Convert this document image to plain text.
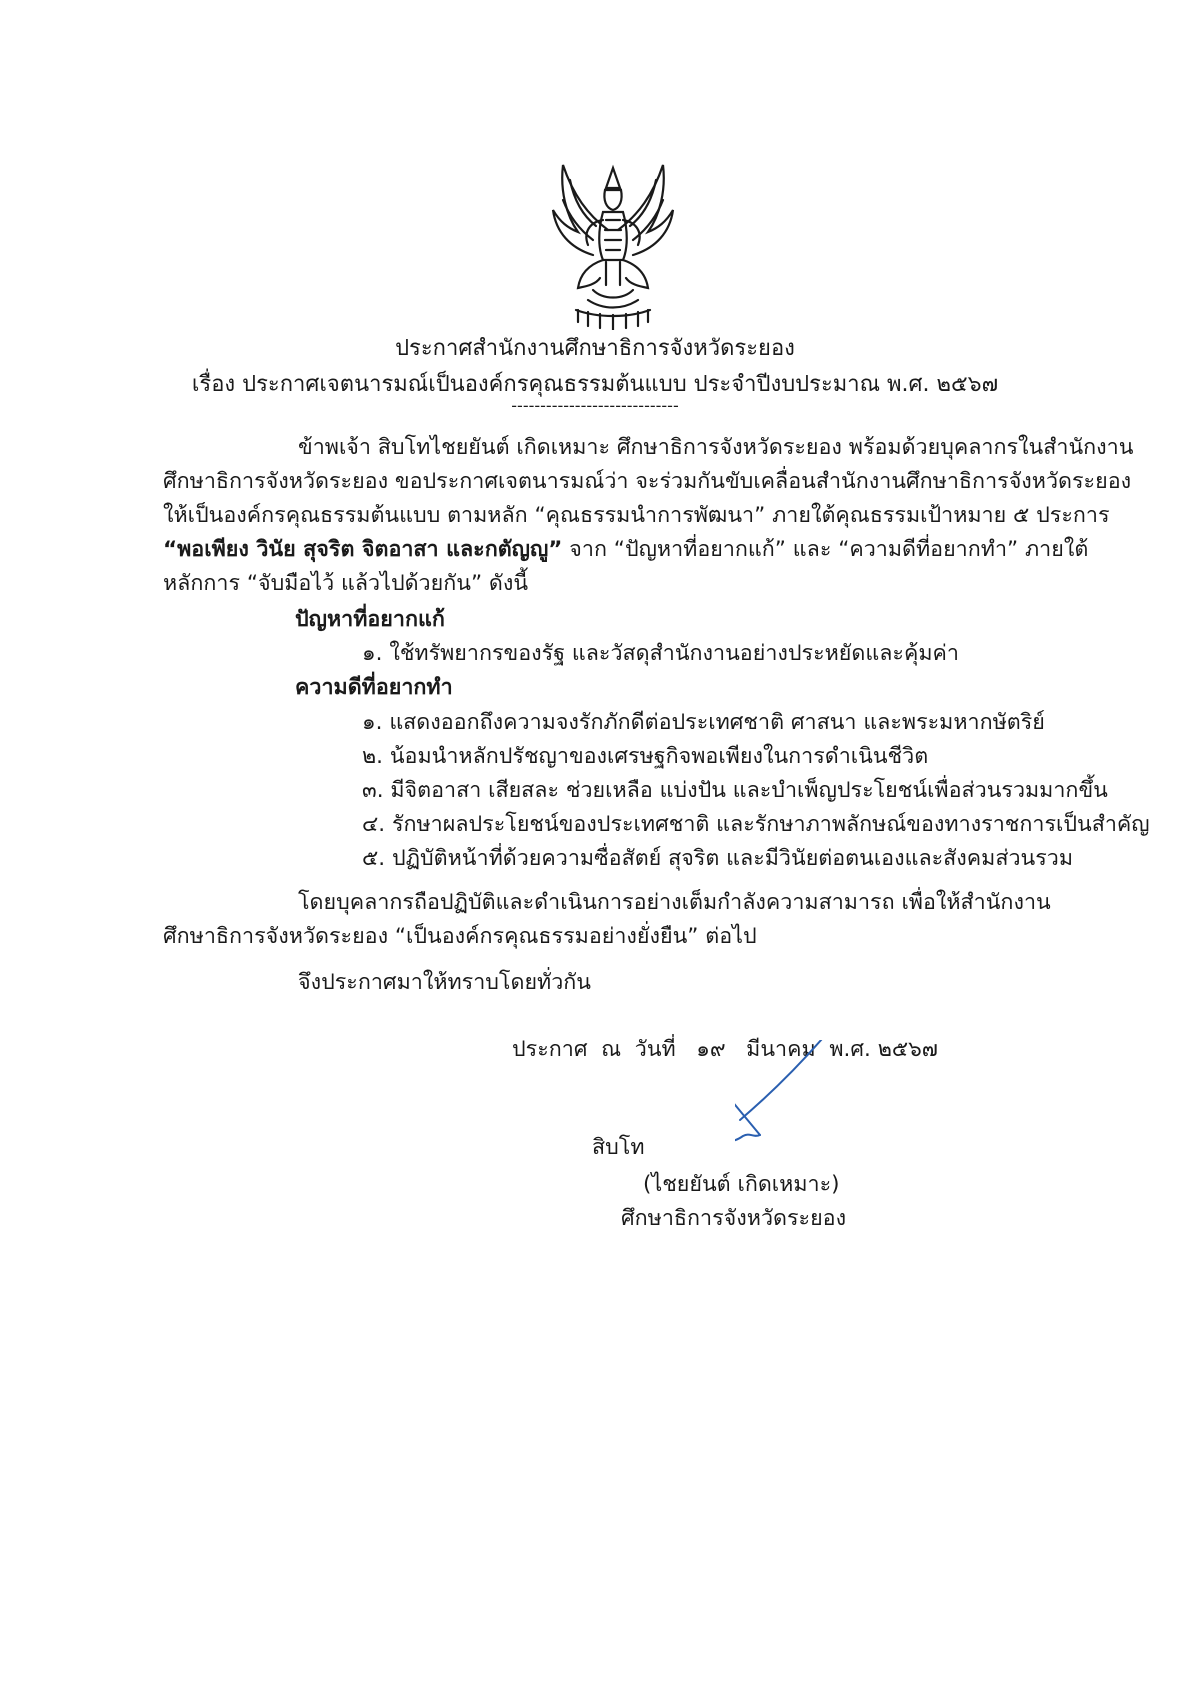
ประกาศสำนักงานศึกษาธิการจังหวัดระยอง
เรื่อง ประกาศเจตนารมณ์เป็นองค์กรคุณธรรมต้นแบบ ประจำปีงบประมาณ พ.ศ. ๒๕๖๗
-----------------------------
ข้าพเจ้า สิบโทไชยยันต์ เกิดเหมาะ ศึกษาธิการจังหวัดระยอง พร้อมด้วยบุคลากรในสำนักงาน
ศึกษาธิการจังหวัดระยอง ขอประกาศเจตนารมณ์ว่า จะร่วมกันขับเคลื่อนสำนักงานศึกษาธิการจังหวัดระยอง
ให้เป็นองค์กรคุณธรรมต้นแบบ ตามหลัก “คุณธรรมนำการพัฒนา” ภายใต้คุณธรรมเป้าหมาย ๕ ประการ
“พอเพียง วินัย สุจริต จิตอาสา และกตัญญู” จาก “ปัญหาที่อยากแก้” และ “ความดีที่อยากทำ” ภายใต้
หลักการ “จับมือไว้ แล้วไปด้วยกัน” ดังนี้
ปัญหาที่อยากแก้
๑. ใช้ทรัพยากรของรัฐ และวัสดุสำนักงานอย่างประหยัดและคุ้มค่า
ความดีที่อยากทำ
๑. แสดงออกถึงความจงรักภักดีต่อประเทศชาติ ศาสนา และพระมหากษัตริย์
๒. น้อมนำหลักปรัชญาของเศรษฐกิจพอเพียงในการดำเนินชีวิต
๓. มีจิตอาสา เสียสละ ช่วยเหลือ แบ่งปัน และบำเพ็ญประโยชน์เพื่อส่วนรวมมากขึ้น
๔. รักษาผลประโยชน์ของประเทศชาติ และรักษาภาพลักษณ์ของทางราชการเป็นสำคัญ
๕. ปฏิบัติหน้าที่ด้วยความซื่อสัตย์ สุจริต และมีวินัยต่อตนเองและสังคมส่วนรวม
โดยบุคลากรถือปฏิบัติและดำเนินการอย่างเต็มกำลังความสามารถ เพื่อให้สำนักงาน
ศึกษาธิการจังหวัดระยอง “เป็นองค์กรคุณธรรมอย่างยั่งยืน” ต่อไป
จึงประกาศมาให้ทราบโดยทั่วกัน
ประกาศ ณ วันที่ ๑๙ มีนาคม พ.ศ. ๒๕๖๗
สิบโท
(ไชยยันต์ เกิดเหมาะ)
ศึกษาธิการจังหวัดระยอง
